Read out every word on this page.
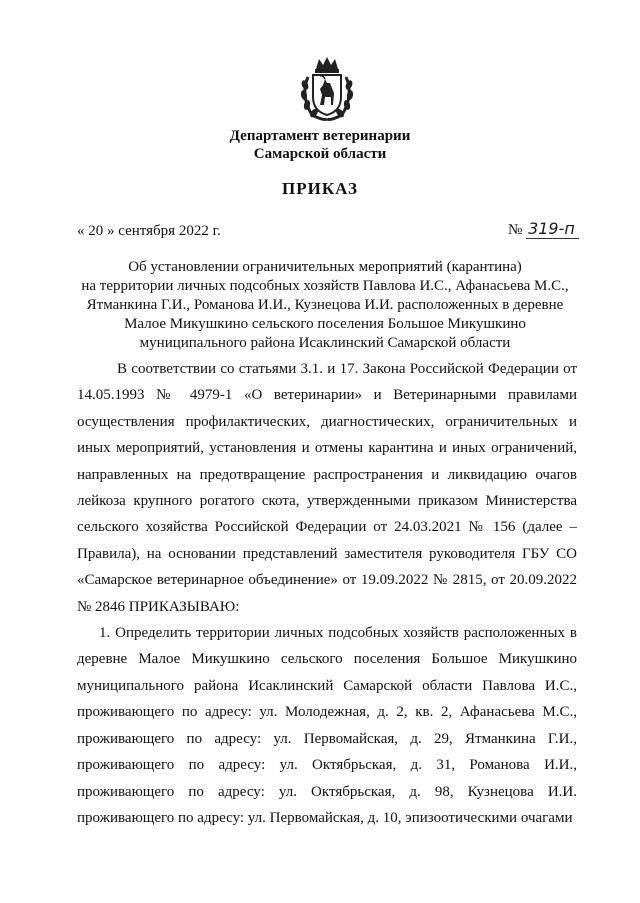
Департамент ветеринарии
Самарской области
ПРИКАЗ
« 20 » сентября 2022 г.	№ 319-п
Об установлении ограничительных мероприятий (карантина)
на территории личных подсобных хозяйств Павлова И.С., Афанасьева М.С.,
Ятманкина Г.И., Романова И.И., Кузнецова И.И. расположенных в деревне
Малое Микушкино сельского поселения Большое Микушкино
муниципального района Исаклинский Самарской области

В соответствии со статьями 3.1. и 17. Закона Российской Федерации от 14.05.1993 № 4979-1 «О ветеринарии» и Ветеринарными правилами осуществления профилактических, диагностических, ограничительных и иных мероприятий, установления и отмены карантина и иных ограничений, направленных на предотвращение распространения и ликвидацию очагов лейкоза крупного рогатого скота, утвержденными приказом Министерства сельского хозяйства Российской Федерации от 24.03.2021 № 156 (далее – Правила), на основании представлений заместителя руководителя ГБУ СО «Самарское ветеринарное объединение» от 19.09.2022 № 2815, от 20.09.2022 № 2846 ПРИКАЗЫВАЮ:

1. Определить территории личных подсобных хозяйств расположенных в деревне Малое Микушкино сельского поселения Большое Микушкино муниципального района Исаклинский Самарской области Павлова И.С., проживающего по адресу: ул. Молодежная, д. 2, кв. 2, Афанасьева М.С., проживающего по адресу: ул. Первомайская, д. 29, Ятманкина Г.И., проживающего по адресу: ул. Октябрьская, д. 31, Романова И.И., проживающего по адресу: ул. Октябрьская, д. 98, Кузнецова И.И. проживающего по адресу: ул. Первомайская, д. 10, эпизоотическими очагами
